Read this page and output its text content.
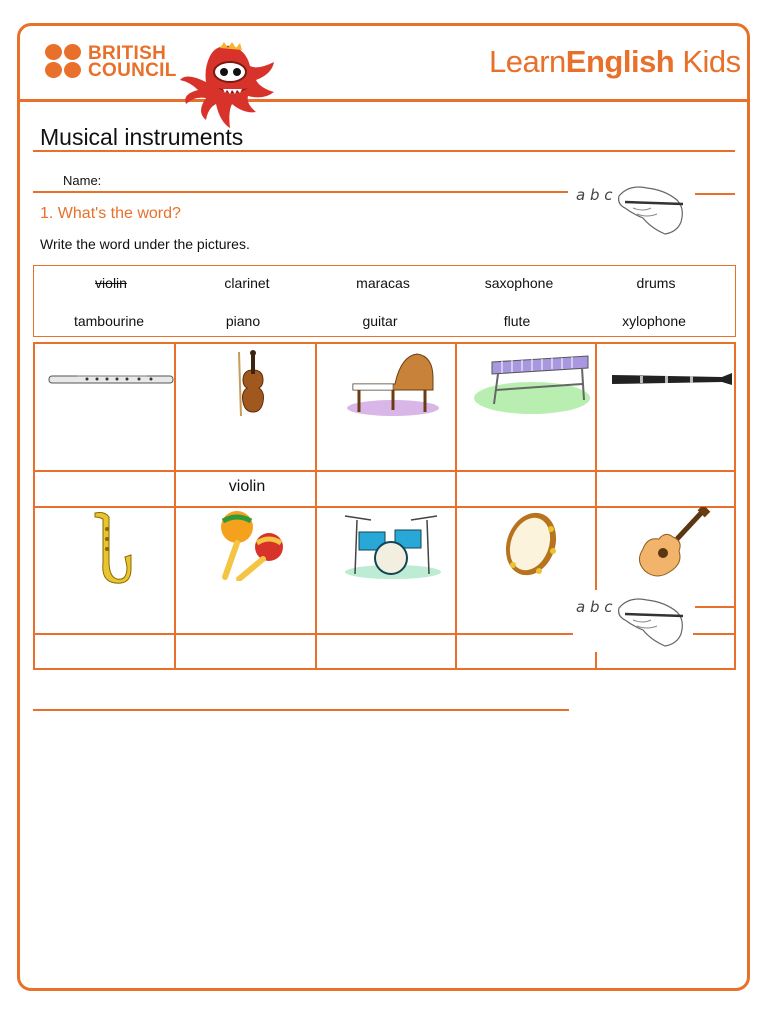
BRITISH
COUNCIL	LearnEnglish Kids
Musical instruments
Name:
a b c
1. What's the word?
Write the word under the pictures.
violin	clarinet	maracas	saxophone	drums
tambourine	piano	guitar	flute	xylophone
violin
a b c
